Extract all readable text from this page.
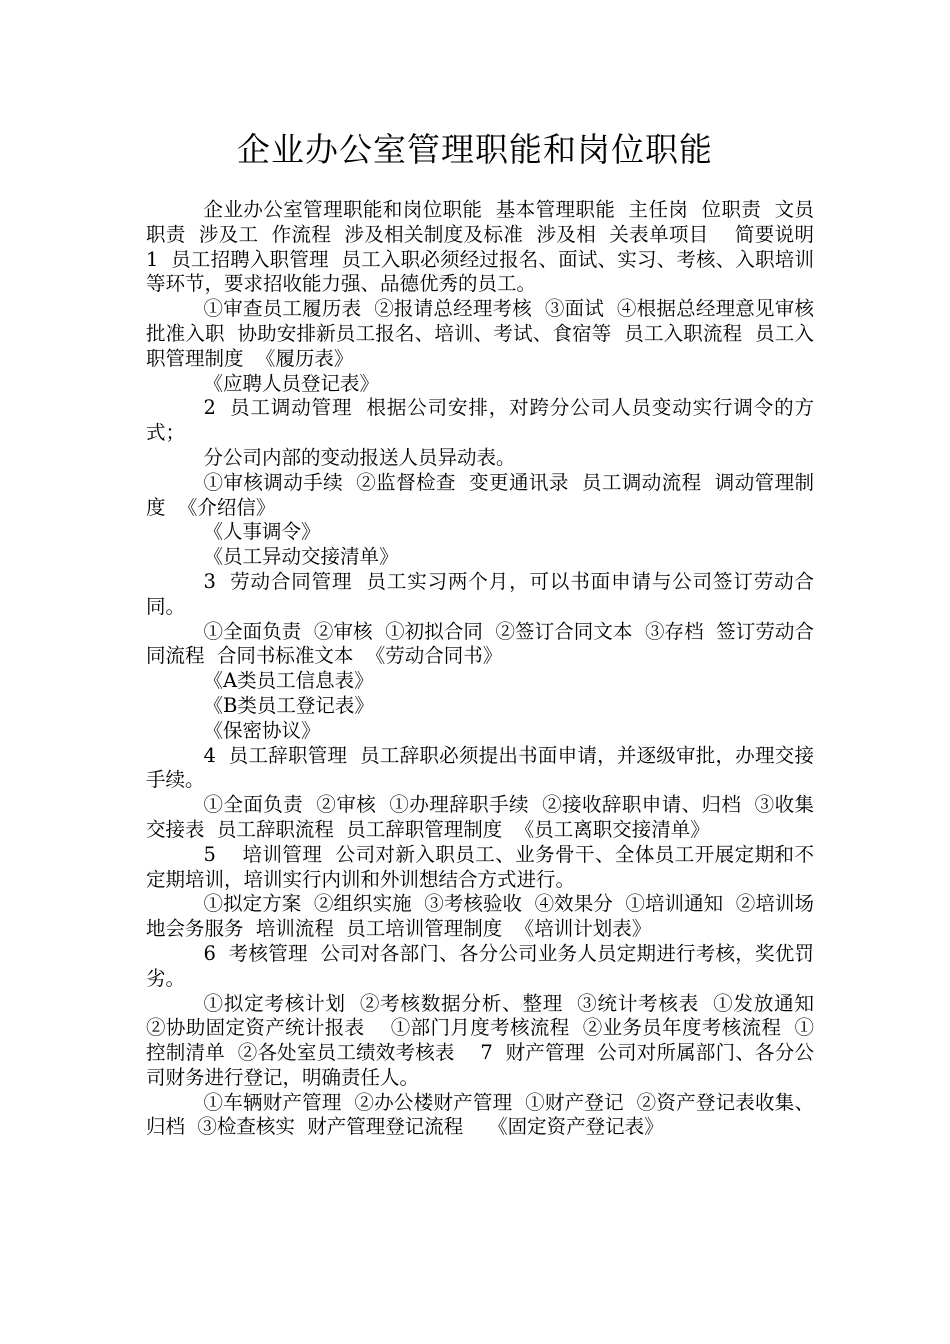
企业办公室管理职能和岗位职能

企业办公室管理职能和岗位职能  基本管理职能  主任岗  位职责  文员  职责  涉及工  作流程  涉及相关制度及标准  涉及相  关表单项目    简要说明  1  员工招聘入职管理  员工入职必须经过报名、面试、实习、考核、入职培训等环节，要求招收能力强、品德优秀的员工。

①审查员工履历表  ②报请总经理考核  ③面试  ④根据总经理意见审核批准入职  协助安排新员工报名、培训、考试、食宿等  员工入职流程  员工入职管理制度  《履历表》

《应聘人员登记表》

2  员工调动管理  根据公司安排，对跨分公司人员变动实行调令的方式；

分公司内部的变动报送人员异动表。

①审核调动手续  ②监督检查  变更通讯录  员工调动流程  调动管理制度  《介绍信》

《人事调令》

《员工异动交接清单》

3  劳动合同管理  员工实习两个月，可以书面申请与公司签订劳动合同。

①全面负责  ②审核  ①初拟合同  ②签订合同文本  ③存档  签订劳动合同流程  合同书标准文本  《劳动合同书》

《A类员工信息表》

《B类员工登记表》

《保密协议》

4  员工辞职管理  员工辞职必须提出书面申请，并逐级审批，办理交接手续。

①全面负责  ②审核  ①办理辞职手续  ②接收辞职申请、归档  ③收集交接表  员工辞职流程  员工辞职管理制度  《员工离职交接清单》

5    培训管理  公司对新入职员工、业务骨干、全体员工开展定期和不定期培训，培训实行内训和外训想结合方式进行。

①拟定方案  ②组织实施  ③考核验收  ④效果分  ①培训通知  ②培训场地会务服务  培训流程  员工培训管理制度  《培训计划表》

6  考核管理  公司对各部门、各分公司业务人员定期进行考核，奖优罚劣。

①拟定考核计划  ②考核数据分析、整理  ③统计考核表  ①发放通知  ②协助固定资产统计报表    ①部门月度考核流程  ②业务员年度考核流程  ①控制清单  ②各处室员工绩效考核表    7  财产管理  公司对所属部门、各分公司财务进行登记，明确责任人。

①车辆财产管理  ②办公楼财产管理  ①财产登记  ②资产登记表收集、归档  ③检查核实  财产管理登记流程    《固定资产登记表》
